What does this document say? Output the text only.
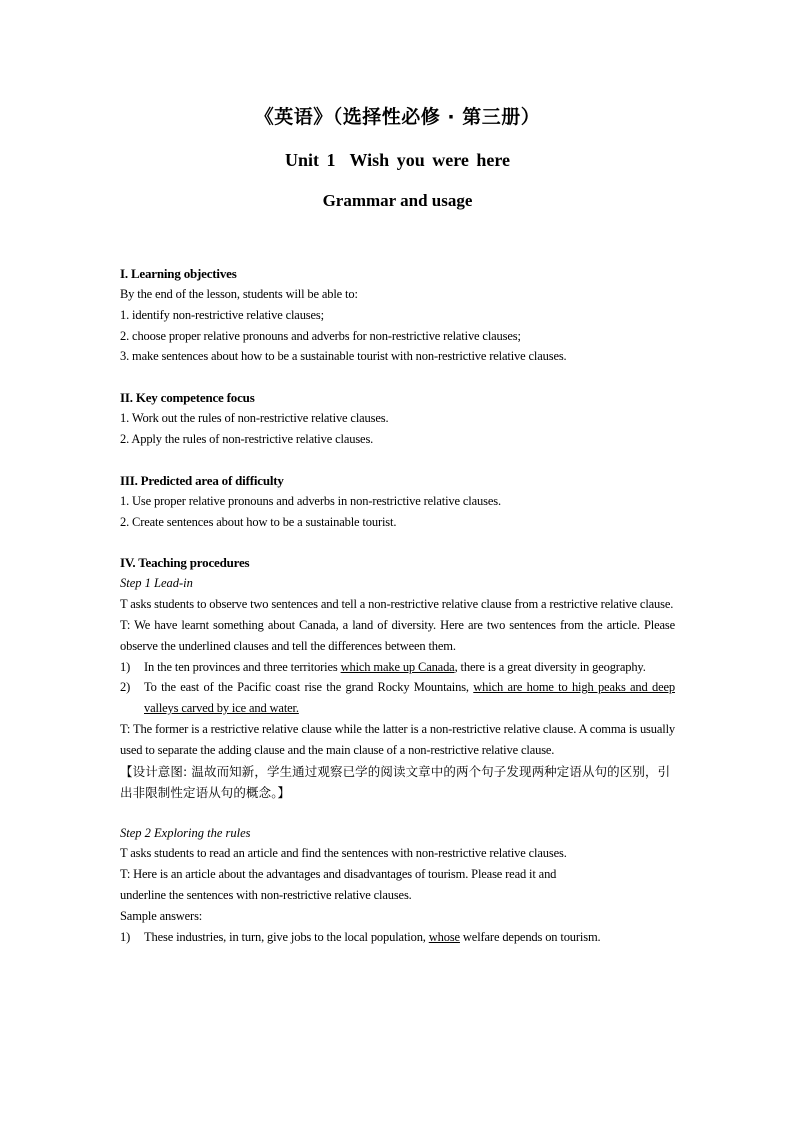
《英语》（选择性必修 · 第三册）
Unit 1 Wish you were here
Grammar and usage
I. Learning objectives
By the end of the lesson, students will be able to:
1. identify non-restrictive relative clauses;
2. choose proper relative pronouns and adverbs for non-restrictive relative clauses;
3. make sentences about how to be a sustainable tourist with non-restrictive relative clauses.
II. Key competence focus
1. Work out the rules of non-restrictive relative clauses.
2. Apply the rules of non-restrictive relative clauses.
III. Predicted area of difficulty
1. Use proper relative pronouns and adverbs in non-restrictive relative clauses.
2. Create sentences about how to be a sustainable tourist.
IV. Teaching procedures
Step 1 Lead-in
T asks students to observe two sentences and tell a non-restrictive relative clause from a restrictive relative clause.
T: We have learnt something about Canada, a land of diversity. Here are two sentences from the article. Please observe the underlined clauses and tell the differences between them.
1) In the ten provinces and three territories which make up Canada, there is a great diversity in geography.
2) To the east of the Pacific coast rise the grand Rocky Mountains, which are home to high peaks and deep valleys carved by ice and water.
T: The former is a restrictive relative clause while the latter is a non-restrictive relative clause. A comma is usually used to separate the adding clause and the main clause of a non-restrictive relative clause.
【设计意图: 温故而知新，学生通过观察已学的阅读文章中的两个句子发现两种定语从句的区别，引出非限制性定语从句的概念。】
Step 2 Exploring the rules
T asks students to read an article and find the sentences with non-restrictive relative clauses.
T: Here is an article about the advantages and disadvantages of tourism. Please read it and
underline the sentences with non-restrictive relative clauses.
Sample answers:
1) These industries, in turn, give jobs to the local population, whose welfare depends on tourism.
